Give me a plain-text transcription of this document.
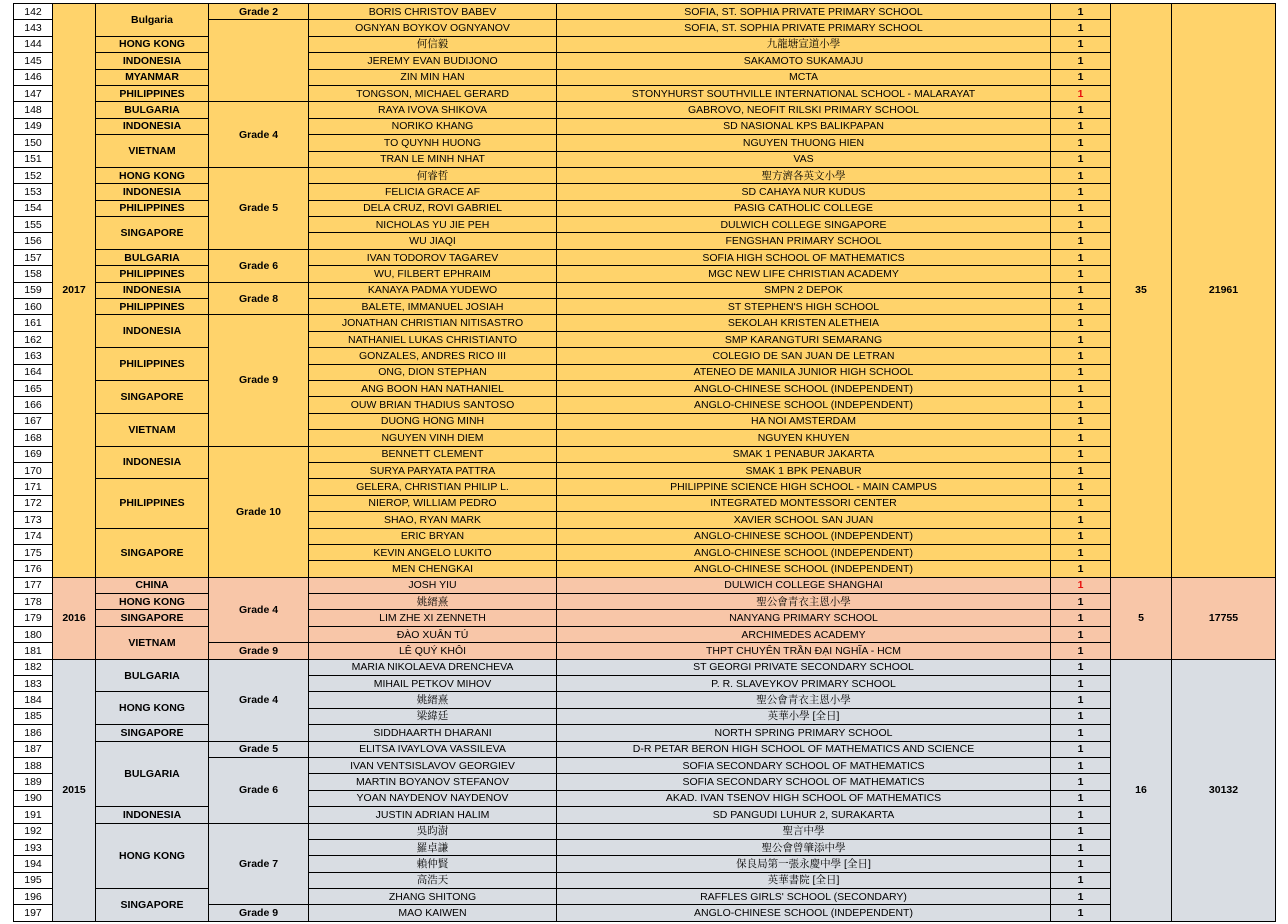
142	2017	Bulgaria	Grade 2	BORIS CHRISTOV BABEV	SOFIA, ST. SOPHIA PRIVATE PRIMARY SCHOOL	1	35	21961
143				OGNYAN BOYKOV OGNYANOV	SOFIA, ST. SOPHIA PRIVATE PRIMARY SCHOOL	1		
144		HONG KONG		何信毅	九龍塘宣道小學	1		
145		INDONESIA		JEREMY EVAN BUDIJONO	SAKAMOTO SUKAMAJU	1		
146		MYANMAR		ZIN MIN HAN	MCTA	1		
147		PHILIPPINES		TONGSON, MICHAEL GERARD	STONYHURST SOUTHVILLE INTERNATIONAL SCHOOL - MALARAYAT	1		
148		BULGARIA	Grade 4	RAYA IVOVA SHIKOVA	GABROVO, NEOFIT RILSKI PRIMARY SCHOOL	1		
149		INDONESIA		NORIKO KHANG	SD NASIONAL KPS BALIKPAPAN	1		
150		VIETNAM		TO QUYNH HUONG	NGUYEN THUONG HIEN	1		
151				TRAN LE MINH NHAT	VAS	1		
152		HONG KONG	Grade 5	何睿哲	聖方濟各英文小學	1		
153		INDONESIA		FELICIA GRACE AF	SD CAHAYA NUR KUDUS	1		
154		PHILIPPINES		DELA CRUZ, ROVI GABRIEL	PASIG CATHOLIC COLLEGE	1		
155		SINGAPORE		NICHOLAS YU JIE PEH	DULWICH COLLEGE SINGAPORE	1		
156				WU JIAQI	FENGSHAN PRIMARY SCHOOL	1		
157		BULGARIA	Grade 6	IVAN TODOROV TAGAREV	SOFIA HIGH SCHOOL OF MATHEMATICS	1		
158		PHILIPPINES		WU, FILBERT EPHRAIM	MGC NEW LIFE CHRISTIAN ACADEMY	1		
159		INDONESIA	Grade 8	KANAYA PADMA YUDEWO	SMPN 2 DEPOK	1		
160		PHILIPPINES		BALETE, IMMANUEL JOSIAH	ST STEPHEN'S HIGH SCHOOL	1		
161		INDONESIA	Grade 9	JONATHAN CHRISTIAN NITISASTRO	SEKOLAH KRISTEN ALETHEIA	1		
162				NATHANIEL LUKAS CHRISTIANTO	SMP KARANGTURI SEMARANG	1		
163		PHILIPPINES		GONZALES, ANDRES RICO III	COLEGIO DE SAN JUAN DE LETRAN	1		
164				ONG, DION STEPHAN	ATENEO DE MANILA JUNIOR HIGH SCHOOL	1		
165		SINGAPORE		ANG BOON HAN NATHANIEL	ANGLO-CHINESE SCHOOL (INDEPENDENT)	1		
166				OUW BRIAN THADIUS SANTOSO	ANGLO-CHINESE SCHOOL (INDEPENDENT)	1		
167		VIETNAM		DUONG HONG MINH	HA NOI AMSTERDAM	1		
168				NGUYEN VINH DIEM	NGUYEN KHUYEN	1		
169		INDONESIA	Grade 10	BENNETT CLEMENT	SMAK 1 PENABUR JAKARTA	1		
170				SURYA PARYATA PATTRA	SMAK 1 BPK PENABUR	1		
171		PHILIPPINES		GELERA, CHRISTIAN PHILIP L.	PHILIPPINE SCIENCE HIGH SCHOOL - MAIN CAMPUS	1		
172				NIEROP, WILLIAM PEDRO	INTEGRATED MONTESSORI CENTER	1		
173				SHAO, RYAN MARK	XAVIER SCHOOL SAN JUAN	1		
174		SINGAPORE		ERIC BRYAN	ANGLO-CHINESE SCHOOL (INDEPENDENT)	1		
175				KEVIN ANGELO LUKITO	ANGLO-CHINESE SCHOOL (INDEPENDENT)	1		
176				MEN CHENGKAI	ANGLO-CHINESE SCHOOL (INDEPENDENT)	1		
177	2016	CHINA	Grade 4	JOSH YIU	DULWICH COLLEGE SHANGHAI	1	5	17755
178		HONG KONG		姚縉熹	聖公會青衣主恩小學	1		
179		SINGAPORE		LIM ZHE XI ZENNETH	NANYANG PRIMARY SCHOOL	1		
180		VIETNAM		ĐÀO XUÂN TÚ	ARCHIMEDES ACADEMY	1		
181			Grade 9	LÊ QUÝ KHÔI	THPT CHUYÊN TRẦN ĐẠI NGHĨA - HCM	1		
182	2015	BULGARIA	Grade 4	MARIA NIKOLAEVA DRENCHEVA	ST GEORGI PRIVATE SECONDARY SCHOOL	1	16	30132
183				MIHAIL PETKOV MIHOV	P. R. SLAVEYKOV PRIMARY SCHOOL	1		
184		HONG KONG		姚縉熹	聖公會青衣主恩小學	1		
185				梁緯廷	英華小學 [全日]	1		
186		SINGAPORE		SIDDHAARTH DHARANI	NORTH SPRING PRIMARY SCHOOL	1		
187		BULGARIA	Grade 5	ELITSA IVAYLOVA VASSILEVA	D-R PETAR BERON HIGH SCHOOL OF MATHEMATICS AND SCIENCE	1		
188			Grade 6	IVAN VENTSISLAVOV GEORGIEV	SOFIA SECONDARY SCHOOL OF MATHEMATICS	1		
189				MARTIN BOYANOV STEFANOV	SOFIA SECONDARY SCHOOL OF MATHEMATICS	1		
190				YOAN NAYDENOV NAYDENOV	AKAD. IVAN TSENOV HIGH SCHOOL OF MATHEMATICS	1		
191		INDONESIA		JUSTIN ADRIAN HALIM	SD PANGUDI LUHUR 2, SURAKARTA	1		
192		HONG KONG	Grade 7	吳昀澍	聖言中學	1		
193				羅卓謙	聖公會曾肇添中學	1		
194				賴仲賢	保良局第一張永慶中學 [全日]	1		
195				高浩天	英華書院 [全日]	1		
196		SINGAPORE		ZHANG SHITONG	RAFFLES GIRLS' SCHOOL (SECONDARY)	1		
197			Grade 9	MAO KAIWEN	ANGLO-CHINESE SCHOOL (INDEPENDENT)	1		
